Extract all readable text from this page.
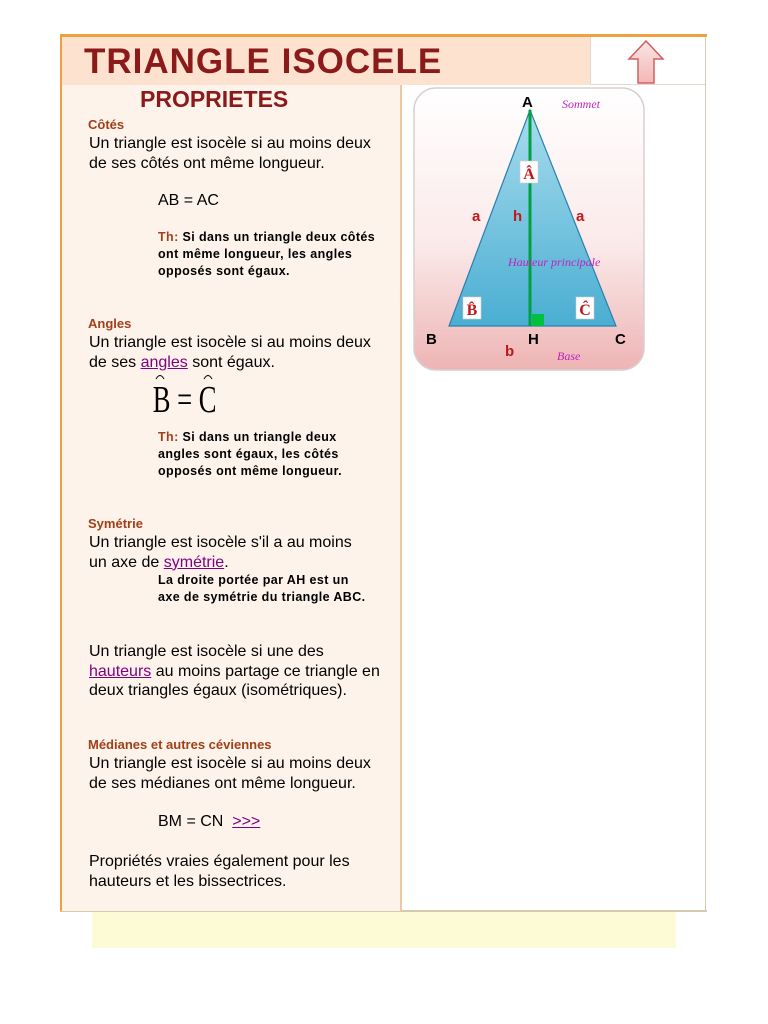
TRIANGLE ISOCELE
PROPRIETES
Côtés
Un triangle est isocèle si au moins deux de ses côtés ont même longueur.
AB = AC
Th: Si dans un triangle deux côtés ont même longueur, les angles opposés sont égaux.
Angles
Un triangle est isocèle si au moins deux de ses angles sont égaux.
B = C
Th: Si dans un triangle deux angles sont égaux, les côtés opposés ont même longueur.
Symétrie
Un triangle est isocèle s'il a au moins un axe de symétrie.
La droite portée par AH est un axe de symétrie du triangle ABC.
Un triangle est isocèle si une des hauteurs au moins partage ce triangle en deux triangles égaux (isométriques).
Médianes et autres céviennes
Un triangle est isocèle si au moins deux de ses médianes ont même longueur.
BM = CN >>>
Propriétés vraies également pour les hauteurs et les bissectrices.
A Sommet
Â
a h	a
Hauteur principale
B̂	Ĉ
B	H	C
b	Base
